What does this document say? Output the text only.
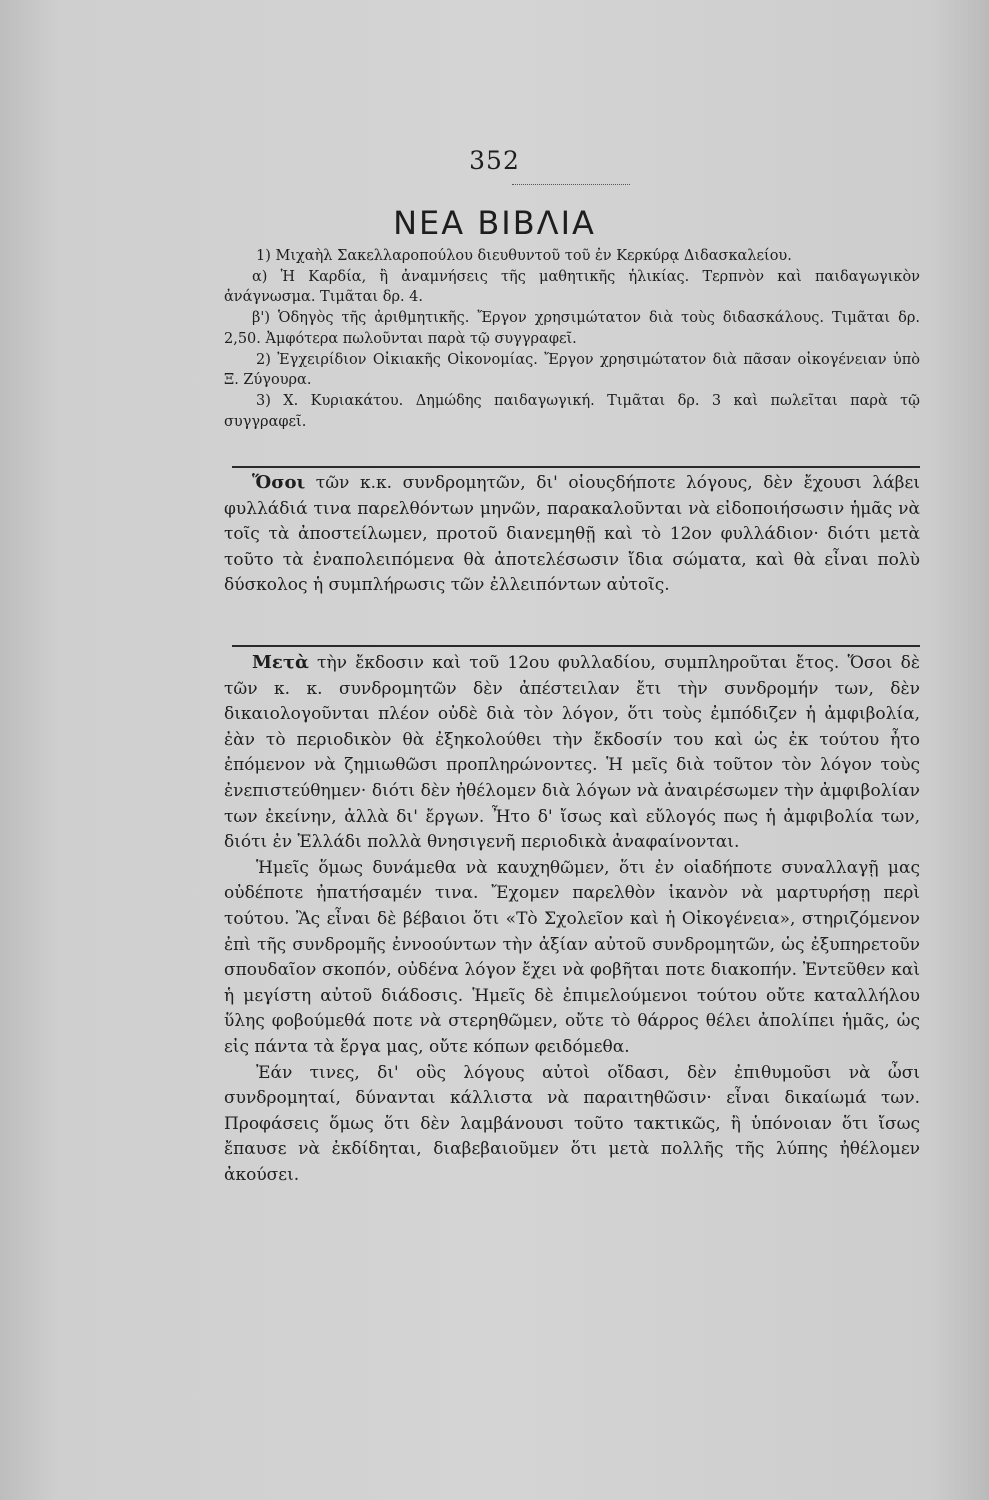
352
ΝΕΑ ΒΙΒΛΙΑ

1) Μιχαὴλ Σακελλαροπούλου διευθυντοῦ τοῦ ἐν Κερκύρᾳ Διδασκαλείου.

α) Ἡ Καρδία, ἢ ἀναμνήσεις τῆς μαθητικῆς ἡλικίας. Τερπνὸν καὶ παιδαγωγικὸν ἀνάγνωσμα. Τιμᾶται δρ. 4.

β') Ὁδηγὸς τῆς ἀριθμητικῆς. Ἔργον χρησιμώτατον διὰ τοὺς διδασκάλους. Τιμᾶται δρ. 2,50. Ἀμφότερα πωλοῦνται παρὰ τῷ συγγραφεῖ.

2) Ἐγχειρίδιον Οἰκιακῆς Οἰκονομίας. Ἔργον χρησιμώτατον διὰ πᾶσαν οἰκογένειαν ὑπὸ Ξ. Ζύγουρα.

3) Χ. Κυριακάτου. Δημώδης παιδαγωγική. Τιμᾶται δρ. 3 καὶ πωλεῖται παρὰ τῷ συγγραφεῖ.

Ὅσοι τῶν κ.κ. συνδρομητῶν, δι' οἱουςδήποτε λόγους, δὲν ἔχουσι λάβει φυλλάδιά τινα παρελθόντων μηνῶν, παρακαλοῦνται νὰ εἰδοποιήσωσιν ἡμᾶς νὰ τοῖς τὰ ἀποστείλωμεν, προτοῦ διανεμηθῇ καὶ τὸ 12ον φυλλάδιον· διότι μετὰ τοῦτο τὰ ἐναπολειπόμενα θὰ ἀποτελέσωσιν ἴδια σώματα, καὶ θὰ εἶναι πολὺ δύσκολος ἡ συμπλήρωσις τῶν ἐλλειπόντων αὐτοῖς.

Μετὰ τὴν ἔκδοσιν καὶ τοῦ 12ου φυλλαδίου, συμπληροῦται ἔτος. Ὅσοι δὲ τῶν κ. κ. συνδρομητῶν δὲν ἀπέστειλαν ἔτι τὴν συνδρομήν των, δὲν δικαιολογοῦνται πλέον οὐδὲ διὰ τὸν λόγον, ὅτι τοὺς ἐμπόδιζεν ἡ ἀμφιβολία, ἐὰν τὸ περιοδικὸν θὰ ἐξηκολούθει τὴν ἔκδοσίν του καὶ ὡς ἐκ τούτου ἦτο ἐπόμενον νὰ ζημιωθῶσι προπληρώνοντες. Ἡ μεῖς διὰ τοῦτον τὸν λόγον τοὺς ἐνεπιστεύθημεν· διότι δὲν ἠθέλομεν διὰ λόγων νὰ ἀναιρέσωμεν τὴν ἀμφιβολίαν των ἐκείνην, ἀλλὰ δι' ἔργων. Ἦτο δ' ἴσως καὶ εὔλογός πως ἡ ἀμφιβολία των, διότι ἐν Ἑλλάδι πολλὰ θνησιγενῆ περιοδικὰ ἀναφαίνονται.

Ἡμεῖς ὅμως δυνάμεθα νὰ καυχηθῶμεν, ὅτι ἐν οἱαδήποτε συναλλαγῇ μας οὐδέποτε ἠπατήσαμέν τινα. Ἔχομεν παρελθὸν ἱκανὸν νὰ μαρτυρήσῃ περὶ τούτου. Ἂς εἶναι δὲ βέβαιοι ὅτι «Τὸ Σχολεῖον καὶ ἡ Οἰκογένεια», στηριζόμενον ἐπὶ τῆς συνδρομῆς ἐννοούντων τὴν ἀξίαν αὐτοῦ συνδρομητῶν, ὡς ἐξυπηρετοῦν σπουδαῖον σκοπόν, οὐδένα λόγον ἔχει νὰ φοβῆται ποτε διακοπήν. Ἐντεῦθεν καὶ ἡ μεγίστη αὐτοῦ διάδοσις. Ἡμεῖς δὲ ἐπιμελούμενοι τούτου οὔτε καταλλήλου ὕλης φοβούμεθά ποτε νὰ στερηθῶμεν, οὔτε τὸ θάρρος θέλει ἀπολίπει ἡμᾶς, ὡς εἰς πάντα τὰ ἔργα μας, οὔτε κόπων φειδόμεθα.

Ἐάν τινες, δι' οὓς λόγους αὐτοὶ οἴδασι, δὲν ἐπιθυμοῦσι νὰ ὦσι συνδρομηταί, δύνανται κάλλιστα νὰ παραιτηθῶσιν· εἶναι δικαίωμά των. Προφάσεις ὅμως ὅτι δὲν λαμβάνουσι τοῦτο τακτικῶς, ἢ ὑπόνοιαν ὅτι ἴσως ἔπαυσε νὰ ἐκδίδηται, διαβεβαιοῦμεν ὅτι μετὰ πολλῆς τῆς λύπης ἠθέλομεν ἀκούσει.
